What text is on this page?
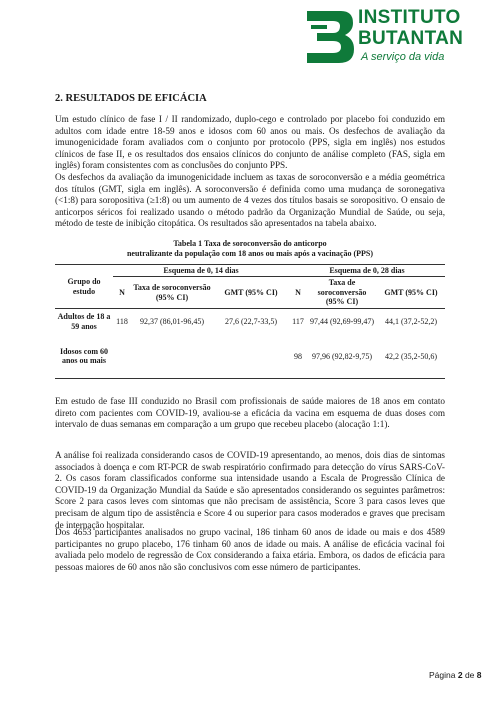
INSTITUTO
BUTANTAN
A serviço da vida
2. RESULTADOS DE EFICÁCIA

Um estudo clínico de fase I / II randomizado, duplo-cego e controlado por placebo foi conduzido em adultos com idade entre 18-59 anos e idosos com 60 anos ou mais. Os desfechos de avaliação da imunogenicidade foram avaliados com o conjunto por protocolo (PPS, sigla em inglês) nos estudos clínicos de fase II, e os resultados dos ensaios clínicos do conjunto de análise completo (FAS, sigla em inglês) foram consistentes com as conclusões do conjunto PPS.

Os desfechos da avaliação da imunogenicidade incluem as taxas de soroconversão e a média geométrica dos títulos (GMT, sigla em inglês). A soroconversão é definida como uma mudança de soronegativa (<1:8) para soropositiva (≥1:8) ou um aumento de 4 vezes dos títulos basais se soropositivo. O ensaio de anticorpos séricos foi realizado usando o método padrão da Organização Mundial de Saúde, ou seja, método de teste de inibição citopática. Os resultados são apresentados na tabela abaixo.

Tabela 1 Taxa de soroconversão do anticorpo
neutralizante da população com 18 anos ou mais após a vacinação (PPS)
Grupo do estudo	Esquema de 0, 14 dias			Esquema de 0, 28 dias		
	N	Taxa de soroconversão (95% CI)	GMT (95% CI)	N	Taxa de soroconversão (95% CI)	GMT (95% CI)
Adultos de 18 a 59 anos	118	92,37 (86,01-96,45)	27,6 (22,7-33,5)	117	97,44 (92,69-99,47)	44,1 (37,2-52,2)
Idosos com 60 anos ou mais				98	97,96 (92,82-9,75)	42,2 (35,2-50,6)

Em estudo de fase III conduzido no Brasil com profissionais de saúde maiores de 18 anos em contato direto com pacientes com COVID-19, avaliou-se a eficácia da vacina em esquema de duas doses com intervalo de duas semanas em comparação a um grupo que recebeu placebo (alocação 1:1).

A análise foi realizada considerando casos de COVID-19 apresentando, ao menos, dois dias de sintomas associados à doença e com RT-PCR de swab respiratório confirmado para detecção do vírus SARS-CoV-2. Os casos foram classificados conforme sua intensidade usando a Escala de Progressão Clínica de COVID-19 da Organização Mundial da Saúde e são apresentados considerando os seguintes parâmetros: Score 2 para casos leves com sintomas que não precisam de assistência, Score 3 para casos leves que precisam de algum tipo de assistência e Score 4 ou superior para casos moderados e graves que precisam de internação hospitalar.

Dos 4653 participantes analisados no grupo vacinal, 186 tinham 60 anos de idade ou mais e dos 4589 participantes no grupo placebo, 176 tinham 60 anos de idade ou mais. A análise de eficácia vacinal foi avaliada pelo modelo de regressão de Cox considerando a faixa etária. Embora, os dados de eficácia para pessoas maiores de 60 anos não são conclusivos com esse número de participantes.

Página 2 de 8
